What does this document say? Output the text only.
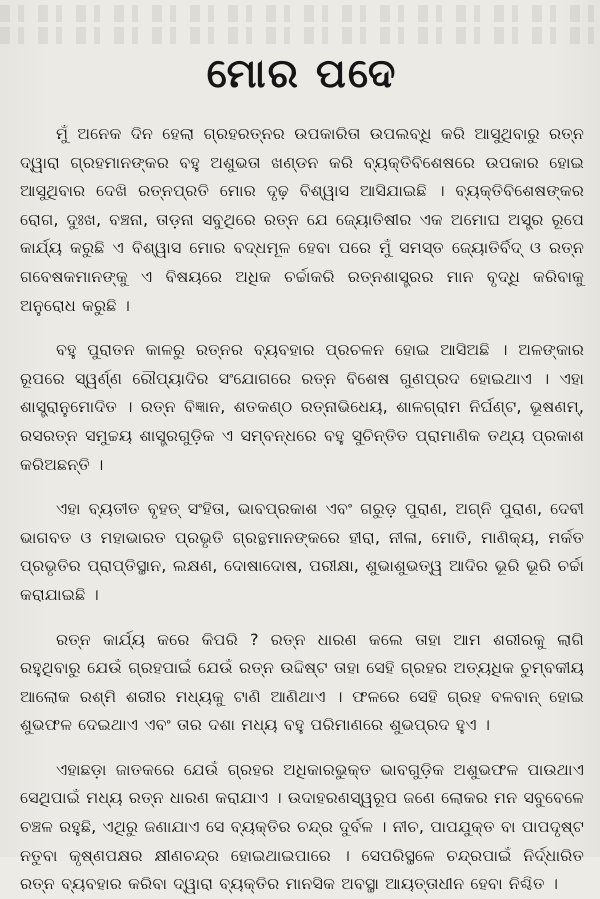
ମୋର ପଦେ

ମୁଁ ଅନେକ ଦିନ ହେଲା ଗ୍ରହରତ୍ନର ଉପକାରିତା ଉପଲବ୍ଧି କରି ଆସୁଥିବାରୁ ରତ୍ନ ଦ୍ୱାରା ଗ୍ରହମାନଙ୍କର ବହୁ ଅଶୁଭତା ଖଣ୍ଡନ କରି ବ୍ୟକ୍ତିବିଶେଷରେ ଉପକାର ହୋଇ ଆସୁଥିବାର ଦେଖି ରତ୍ନପ୍ରତି ମୋର ଦୃଢ଼ ବିଶ୍ୱାସ ଆସିଯାଇଛି । ବ୍ୟକ୍ତିବିଶେଷଙ୍କର ରୋଗ, ଦୁଃଖ, ବଞ୍ଚନା, ତାଡ଼ନା ସବୁଥିରେ ରତ୍ନ ଯେ ଜ୍ୟୋତିଷୀର ଏକ ଅମୋଘ ଅସ୍ତ୍ର ରୂପେ କାର୍ଯ୍ୟ କରୁଛି ଏ ବିଶ୍ୱାସ ମୋର ବଦ୍ଧମୂଳ ହେବା ପରେ ମୁଁ ସମସ୍ତ ଜ୍ୟୋତିର୍ବିଦ୍ ଓ ରତ୍ନ ଗବେଷକମାନଙ୍କୁ ଏ ବିଷୟରେ ଅଧିକ ଚର୍ଚ୍ଚାକରି ରତ୍ନଶାସ୍ତ୍ରର ମାନ ବୃଦ୍ଧି କରିବାକୁ ଅନୁରୋଧ କରୁଛି ।

ବହୁ ପୁରାତନ କାଳରୁ ରତ୍ନର ବ୍ୟବହାର ପ୍ରଚଳନ ହୋଇ ଆସିଅଛି । ଅଳଙ୍କାର ରୂପରେ ସ୍ୱର୍ଣ୍ଣ ରୌପ୍ୟାଦିର ସଂଯୋଗରେ ରତ୍ନ ବିଶେଷ ଗୁଣପ୍ରଦ ହୋଇଥାଏ । ଏହା ଶାସ୍ତ୍ରାନୁମୋଦିତ । ରତ୍ନ ବିଜ୍ଞାନ, ଶତକଣ୍ଠ ରତ୍ନାଭିଧେୟ, ଶାଳଗ୍ରାମ ନିର୍ଘଣ୍ଟ, ଭୂଷଣମ୍, ରସରତ୍ନ ସମୁଚ୍ଚୟ ଶାସ୍ତ୍ରଗୁଡ଼ିକ ଏ ସମ୍ବନ୍ଧରେ ବହୁ ସୁଚିନ୍ତିତ ପ୍ରାମାଣିକ ତଥ୍ୟ ପ୍ରକାଶ କରିଅଛନ୍ତି ।

ଏହା ବ୍ୟତୀତ ବୃହତ୍ ସଂହିତା, ଭାବପ୍ରକାଶ ଏବଂ ଗରୁଡ଼ ପୁରାଣ, ଅଗ୍ନି ପୁରାଣ, ଦେବୀ ଭାଗବତ ଓ ମହାଭାରତ ପ୍ରଭୃତି ଗ୍ରନ୍ଥମାନଙ୍କରେ ହୀରା, ନୀଳା, ମୋତି, ମାଣିକ୍ୟ, ମର୍କତ ପ୍ରଭୃତିର ପ୍ରାପ୍ତିସ୍ଥାନ, ଲକ୍ଷଣ, ଦୋଷାଦୋଷ, ପରୀକ୍ଷା, ଶୁଭାଶୁଭତ୍ୱ ଆଦିର ଭୂରି ଭୂରି ଚର୍ଚ୍ଚା କରାଯାଇଛି ।

ରତ୍ନ କାର୍ଯ୍ୟ କରେ କିପରି ? ରତ୍ନ ଧାରଣ କଲେ ତାହା ଆମ ଶରୀରକୁ ଲାଗି ରହୁଥିବାରୁ ଯେଉଁ ଗ୍ରହପାଇଁ ଯେଉଁ ରତ୍ନ ଉଦ୍ଦିଷ୍ଟ ତାହା ସେହି ଗ୍ରହର ଅତ୍ୟଧିକ ଚୁମ୍ବକୀୟ ଆଲୋକ ରଶ୍ମି ଶରୀର ମଧ୍ୟକୁ ଟାଣି ଆଣିଥାଏ । ଫଳରେ ସେହି ଗ୍ରହ ବଳବାନ୍ ହୋଇ ଶୁଭଫଳ ଦେଇଥାଏ ଏବଂ ତାର ଦଶା ମଧ୍ୟ ବହୁ ପରିମାଣରେ ଶୁଭପ୍ରଦ ହୁଏ ।

ଏହାଛଡ଼ା ଜାତକରେ ଯେଉଁ ଗ୍ରହର ଅଧିକାରଭୁକ୍ତ ଭାବଗୁଡ଼ିକ ଅଶୁଭଫଳ ପାଉଥାଏ ସେଥିପାଇଁ ମଧ୍ୟ ରତ୍ନ ଧାରଣ କରାଯାଏ । ଉଦାହରଣସ୍ୱରୂପ ଜଣେ ଲୋକର ମନ ସବୁବେଳେ ଚଞ୍ଚଳ ରହୁଛି, ଏଥିରୁ ଜଣାଯାଏ ସେ ବ୍ୟକ୍ତିର ଚନ୍ଦ୍ର ଦୁର୍ବଳ । ନୀଚ, ପାପଯୁକ୍ତ ବା ପାପଦୃଷ୍ଟ ନତୁବା କୃଷ୍ଣପକ୍ଷର କ୍ଷୀଣଚନ୍ଦ୍ର ହୋଇଥାଇପାରେ । ସେପରିସ୍ଥଳେ ଚନ୍ଦ୍ରପାଇଁ ନିର୍ଦ୍ଧାରିତ ରତ୍ନ ବ୍ୟବହାର କରିବା ଦ୍ୱାରା ବ୍ୟକ୍ତିର ମାନସିକ ଅବସ୍ଥା ଆୟତ୍ତାଧୀନ ହେବା ନିଶ୍ଚିତ ।
